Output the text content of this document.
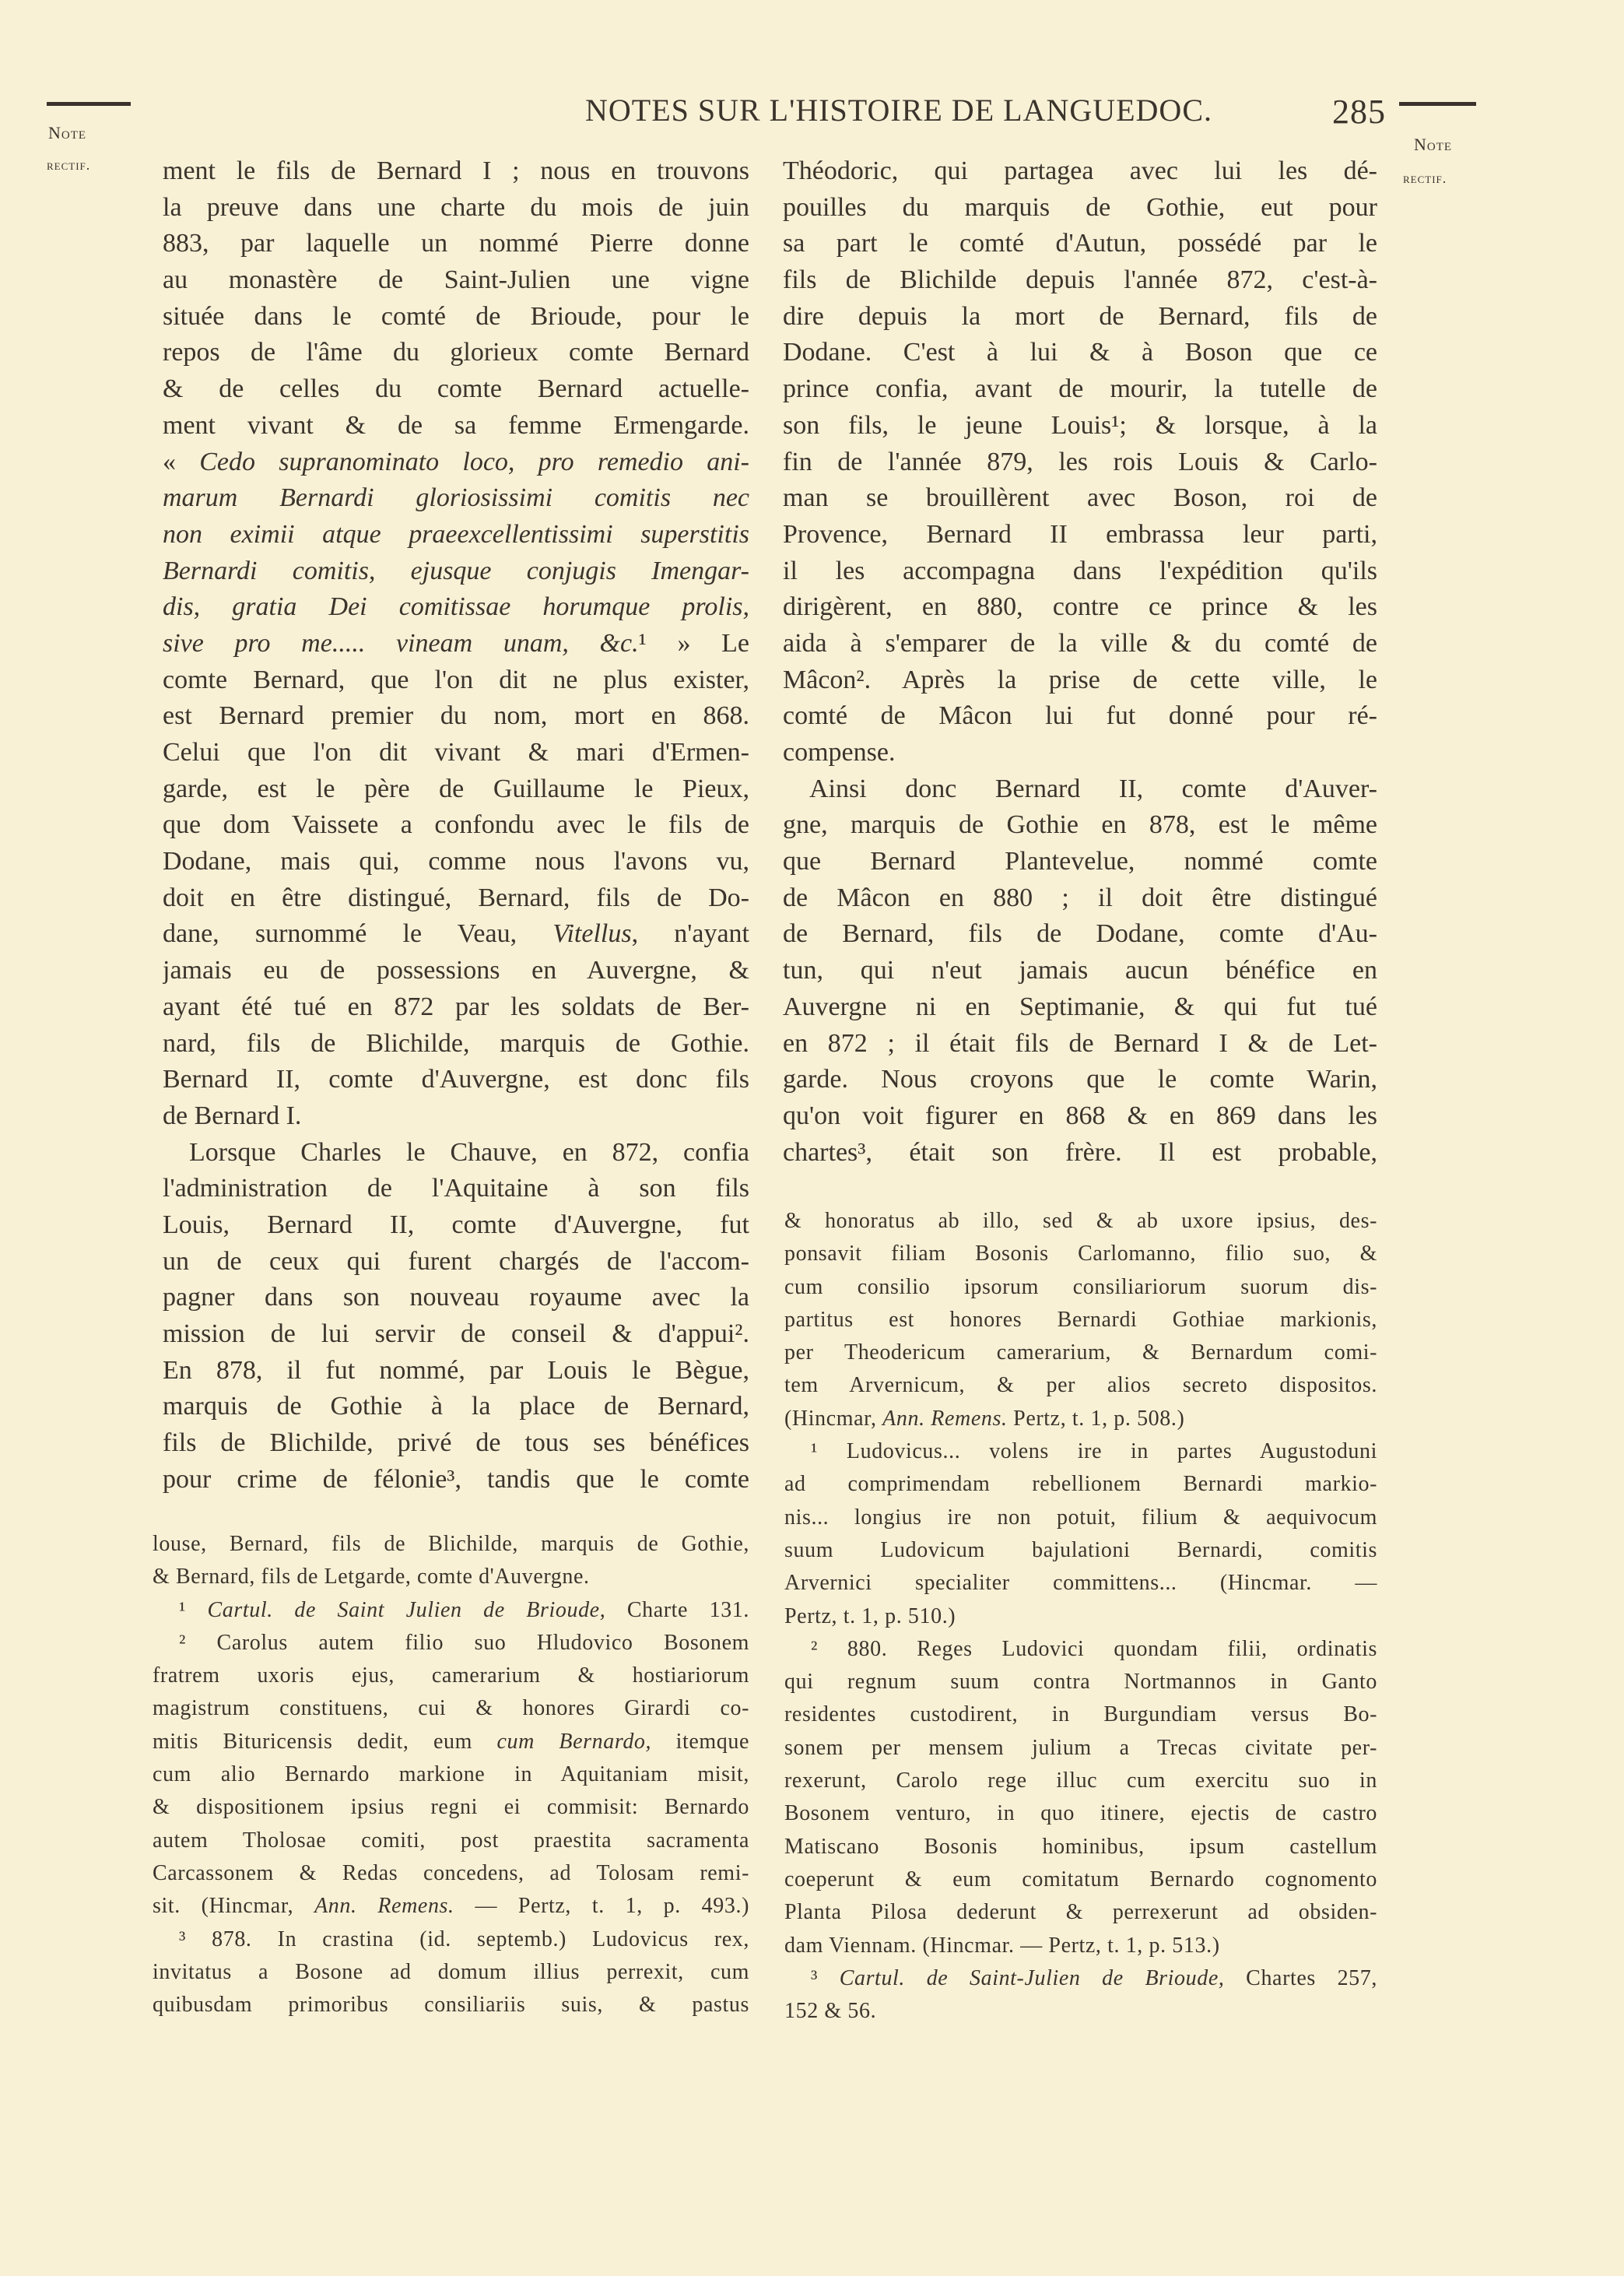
NOTES SUR L'HISTOIRE DE LANGUEDOC.	285
Note
rectif.
Note
rectif.
ment le fils de Bernard I ; nous en trouvons
la preuve dans une charte du mois de juin
883, par laquelle un nommé Pierre donne
au monastère de Saint-Julien une vigne
située dans le comté de Brioude, pour le
repos de l'âme du glorieux comte Bernard
& de celles du comte Bernard actuelle-
ment vivant & de sa femme Ermengarde.
« Cedo supranominato loco, pro remedio ani-
marum Bernardi gloriosissimi comitis nec
non eximii atque praeexcellentissimi superstitis
Bernardi comitis, ejusque conjugis Imengar-
dis, gratia Dei comitissae horumque prolis,
sive pro me..... vineam unam, &c.¹ » Le
comte Bernard, que l'on dit ne plus exister,
est Bernard premier du nom, mort en 868.
Celui que l'on dit vivant & mari d'Ermen-
garde, est le père de Guillaume le Pieux,
que dom Vaissete a confondu avec le fils de
Dodane, mais qui, comme nous l'avons vu,
doit en être distingué, Bernard, fils de Do-
dane, surnommé le Veau, Vitellus, n'ayant
jamais eu de possessions en Auvergne, &
ayant été tué en 872 par les soldats de Ber-
nard, fils de Blichilde, marquis de Gothie.
Bernard II, comte d'Auvergne, est donc fils
de Bernard I.
Lorsque Charles le Chauve, en 872, confia
l'administration de l'Aquitaine à son fils
Louis, Bernard II, comte d'Auvergne, fut
un de ceux qui furent chargés de l'accom-
pagner dans son nouveau royaume avec la
mission de lui servir de conseil & d'appui².
En 878, il fut nommé, par Louis le Bègue,
marquis de Gothie à la place de Bernard,
fils de Blichilde, privé de tous ses bénéfices
pour crime de félonie³, tandis que le comte
Théodoric, qui partagea avec lui les dé-
pouilles du marquis de Gothie, eut pour
sa part le comté d'Autun, possédé par le
fils de Blichilde depuis l'année 872, c'est-à-
dire depuis la mort de Bernard, fils de
Dodane. C'est à lui & à Boson que ce
prince confia, avant de mourir, la tutelle de
son fils, le jeune Louis¹; & lorsque, à la
fin de l'année 879, les rois Louis & Carlo-
man se brouillèrent avec Boson, roi de
Provence, Bernard II embrassa leur parti,
il les accompagna dans l'expédition qu'ils
dirigèrent, en 880, contre ce prince & les
aida à s'emparer de la ville & du comté de
Mâcon². Après la prise de cette ville, le
comté de Mâcon lui fut donné pour ré-
compense.
Ainsi donc Bernard II, comte d'Auver-
gne, marquis de Gothie en 878, est le même
que Bernard Plantevelue, nommé comte
de Mâcon en 880 ; il doit être distingué
de Bernard, fils de Dodane, comte d'Au-
tun, qui n'eut jamais aucun bénéfice en
Auvergne ni en Septimanie, & qui fut tué
en 872 ; il était fils de Bernard I & de Let-
garde. Nous croyons que le comte Warin,
qu'on voit figurer en 868 & en 869 dans les
chartes³, était son frère. Il est probable,
louse, Bernard, fils de Blichilde, marquis de Gothie,
& Bernard, fils de Letgarde, comte d'Auvergne.
¹ Cartul. de Saint Julien de Brioude, Charte 131.
² Carolus autem filio suo Hludovico Bosonem
fratrem uxoris ejus, camerarium & hostiariorum
magistrum constituens, cui & honores Girardi co-
mitis Bituricensis dedit, eum cum Bernardo, itemque
cum alio Bernardo markione in Aquitaniam misit,
& dispositionem ipsius regni ei commisit: Bernardo
autem Tholosae comiti, post praestita sacramenta
Carcassonem & Redas concedens, ad Tolosam remi-
sit. (Hincmar, Ann. Remens. — Pertz, t. 1, p. 493.)
³ 878. In crastina (id. septemb.) Ludovicus rex,
invitatus a Bosone ad domum illius perrexit, cum
quibusdam primoribus consiliariis suis, & pastus
& honoratus ab illo, sed & ab uxore ipsius, des-
ponsavit filiam Bosonis Carlomanno, filio suo, &
cum consilio ipsorum consiliariorum suorum dis-
partitus est honores Bernardi Gothiae markionis,
per Theodericum camerarium, & Bernardum comi-
tem Arvernicum, & per alios secreto dispositos.
(Hincmar, Ann. Remens. Pertz, t. 1, p. 508.)
¹ Ludovicus... volens ire in partes Augustoduni
ad comprimendam rebellionem Bernardi markio-
nis... longius ire non potuit, filium & aequivocum
suum Ludovicum bajulationi Bernardi, comitis
Arvernici specialiter committens... (Hincmar. —
Pertz, t. 1, p. 510.)
² 880. Reges Ludovici quondam filii, ordinatis
qui regnum suum contra Nortmannos in Ganto
residentes custodirent, in Burgundiam versus Bo-
sonem per mensem julium a Trecas civitate per-
rexerunt, Carolo rege illuc cum exercitu suo in
Bosonem venturo, in quo itinere, ejectis de castro
Matiscano Bosonis hominibus, ipsum castellum
coeperunt & eum comitatum Bernardo cognomento
Planta Pilosa dederunt & perrexerunt ad obsiden-
dam Viennam. (Hincmar. — Pertz, t. 1, p. 513.)
³ Cartul. de Saint-Julien de Brioude, Chartes 257,
152 & 56.
